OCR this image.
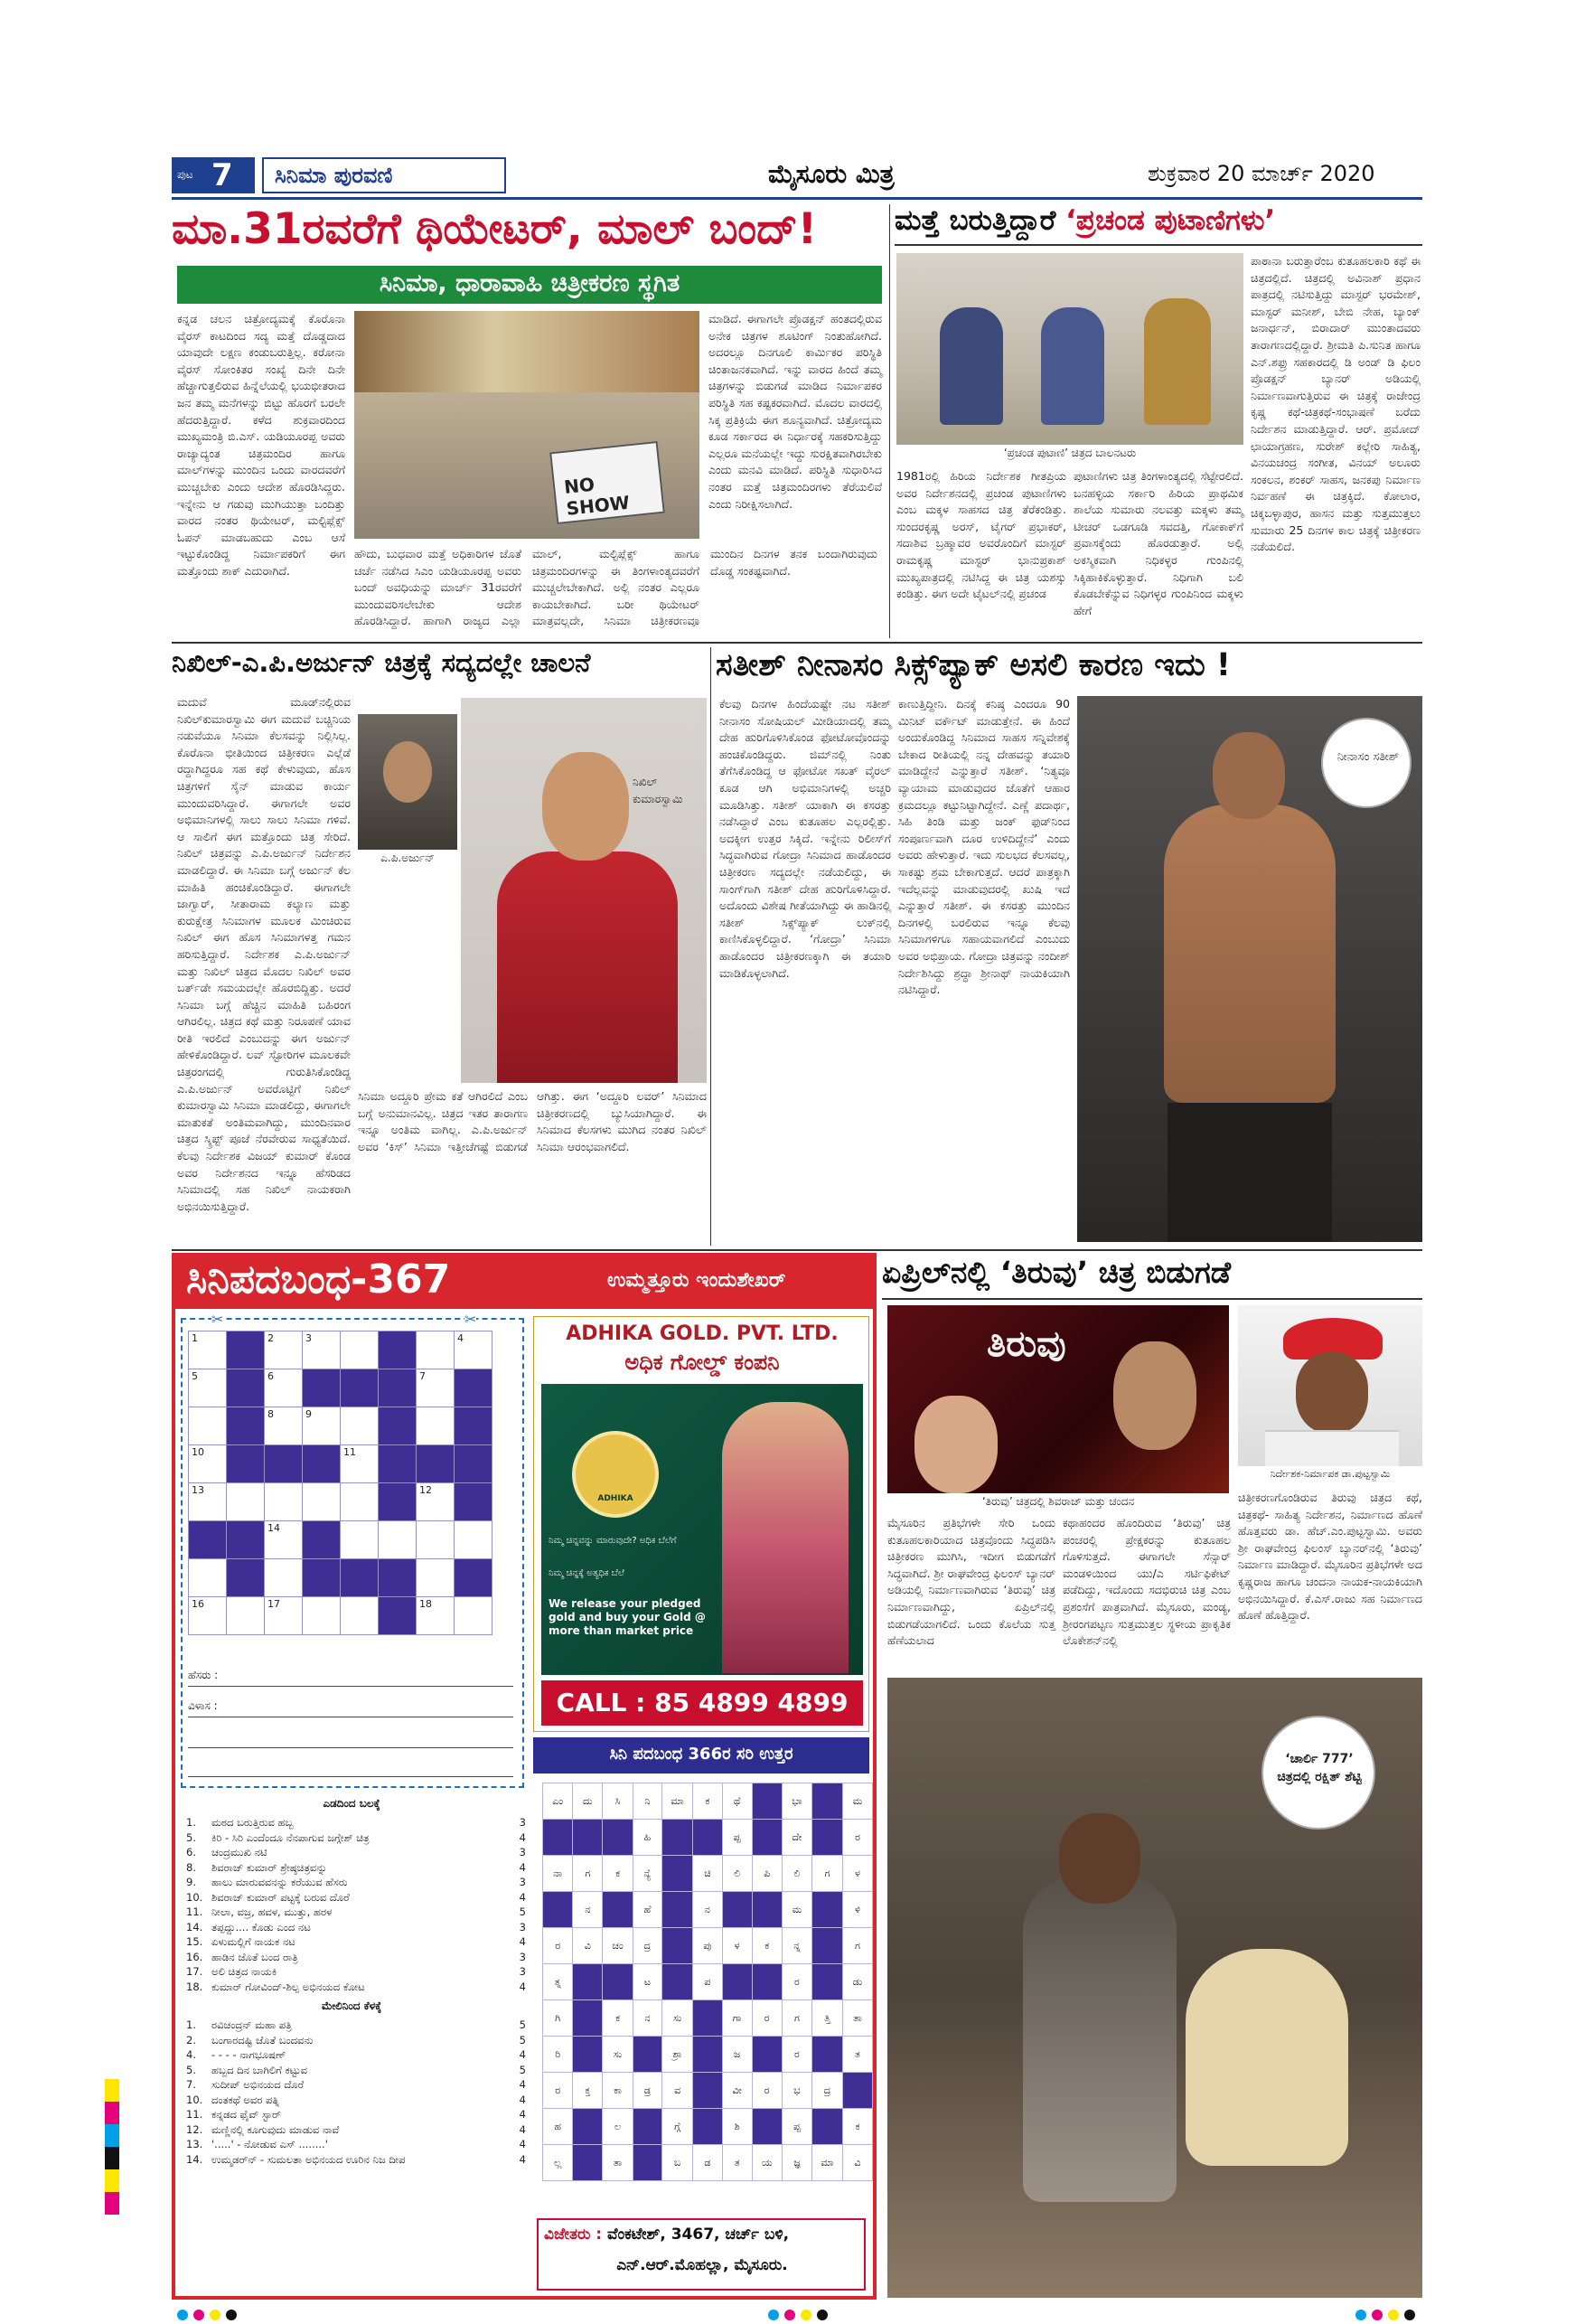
ಪುಟ 7 ಸಿನಿಮಾ ಪುರವಣಿ	ಮೈಸೂರು ಮಿತ್ರ	ಶುಕ್ರವಾರ 20 ಮಾರ್ಚ್ 2020
ಮಾ.31ರವರೆಗೆ ಥಿಯೇಟರ್, ಮಾಲ್ ಬಂದ್!
ಸಿನಿಮಾ, ಧಾರಾವಾಹಿ ಚಿತ್ರೀಕರಣ ಸ್ಥಗಿತ
ಕನ್ನಡ ಚಲನ ಚಿತ್ರೋದ್ಯಮಕ್ಕೆ ಕೊರೊನಾ ವೈರಸ್ ಕಾಟದಿಂದ ಸದ್ಯ ಮತ್ತೆ ದೊಡ್ಡದಾದ ಯಾವುದೇ ಲಕ್ಷಣ ಕಂಡುಬರುತ್ತಿಲ್ಲ. ಕರೋನಾ ವೈರಸ್ ಸೋಂಕಿತರ ಸಂಖ್ಯೆ ದಿನೇ ದಿನೇ ಹೆಚ್ಚಾಗುತ್ತಲಿರುವ ಹಿನ್ನೆಲೆಯಲ್ಲಿ ಭಯಭೀತರಾದ ಜನ ತಮ್ಮ ಮನೆಗಳನ್ನು ಬಿಟ್ಟು ಹೊರಗೆ ಬರಲೇ ಹೆದರುತ್ತಿದ್ದಾರೆ. ಕಳೆದ ಶುಕ್ರವಾರದಿಂದ ಮುಖ್ಯಮಂತ್ರಿ ಬಿ.ಎಸ್. ಯಡಿಯೂರಪ್ಪ ಅವರು ರಾಜ್ಯಾದ್ಯಂತ ಚಿತ್ರಮಂದಿರ ಹಾಗೂ ಮಾಲ್‌ಗಳನ್ನು ಮುಂದಿನ ಒಂದು ವಾರದವರೆಗೆ ಮುಚ್ಚಬೇಕು ಎಂದು ಆದೇಶ ಹೊರಡಿಸಿದ್ದರು. ಇನ್ನೇನು ಆ ಗಡುವು ಮುಗಿಯುತ್ತಾ ಬಂದಿತ್ತು ವಾರದ ನಂತರ ಥಿಯೇಟರ್, ಮಲ್ಟಿಪ್ಲೆಕ್ಸ್ ಓಪನ್ ಮಾಡಬಹುದು ಎಂಬ ಆಸೆ ಇಟ್ಟುಕೊಂಡಿದ್ದ ನಿರ್ಮಾಪಕರಿಗೆ ಈಗ ಮತ್ತೊಂದು ಶಾಕ್ ಎದುರಾಗಿದೆ.
NO SHOW
ಹೌದು, ಬುಧವಾರ ಮತ್ತೆ ಅಧಿಕಾರಿಗಳ ಜೊತೆ ಚರ್ಚೆ ನಡೆಸಿದ ಸಿಎಂ ಯಡಿಯೂರಪ್ಪ ಅವರು ಬಂದ್ ಅವಧಿಯನ್ನು ಮಾರ್ಚ್ 31ರವರೆಗೆ ಮುಂದುವರಿಸಲೇಬೇಕು ಆದೇಶ ಹೊರಡಿಸಿದ್ದಾರೆ. ಹಾಗಾಗಿ ರಾಜ್ಯದ ಎಲ್ಲಾ ಮಾಲ್, ಮಲ್ಟಿಪ್ಲೆಕ್ಸ್ ಹಾಗೂ ಚಿತ್ರಮಂದಿರಗಳನ್ನು ಈ ತಿಂಗಳಾಂತ್ಯದವರೆಗೆ ಮುಚ್ಚಲೇಬೇಕಾಗಿದೆ. ಅಲ್ಲಿ ನಂತರ ಎಲ್ಲರೂ ಕಾಯಬೇಕಾಗಿದೆ. ಬರೀ ಥಿಯೇಟರ್ ಮಾತ್ರವಲ್ಲದೇ, ಸಿನಿಮಾ ಚಿತ್ರೀಕರಣವೂ ಮುಂದಿನ ದಿನಗಳ ತನಕ ಬಂದಾಗಿರುವುದು ದೊಡ್ಡ ಸಂಕಷ್ಟವಾಗಿದೆ.
ಮಾಡಿದೆ. ಈಗಾಗಲೇ ಪ್ರೊಡಕ್ಷನ್ ಹಂತದಲ್ಲಿರುವ ಅನೇಕ ಚಿತ್ರಗಳ ಶೂಟಿಂಗ್ ನಿಂತುಹೋಗಿದೆ. ಅದರಲ್ಲೂ ದಿನಗೂಲಿ ಕಾರ್ಮಿಕರ ಪರಿಸ್ಥಿತಿ ಚಿಂತಾಜನಕವಾಗಿದೆ. ಇನ್ನು ವಾರದ ಹಿಂದೆ ತಮ್ಮ ಚಿತ್ರಗಳನ್ನು ಬಿಡುಗಡೆ ಮಾಡಿದ ನಿರ್ಮಾಪಕರ ಪರಿಸ್ಥಿತಿ ಸಹ ಕಷ್ಟಕರವಾಗಿದೆ. ಮೊದಲ ವಾರದಲ್ಲಿ ಸಿಕ್ಕ ಪ್ರತಿಕ್ರಿಯೆ ಈಗ ಶೂನ್ಯವಾಗಿದೆ. ಚಿತ್ರೋದ್ಯಮ ಕೂಡ ಸರ್ಕಾರದ ಈ ನಿರ್ಧಾರಕ್ಕೆ ಸಹಕರಿಸುತ್ತಿದ್ದು ಎಲ್ಲರೂ ಮನೆಯಲ್ಲೇ ಇದ್ದು ಸುರಕ್ಷಿತವಾಗಿರಬೇಕು ಎಂದು ಮನವಿ ಮಾಡಿದೆ. ಪರಿಸ್ಥಿತಿ ಸುಧಾರಿಸಿದ ನಂತರ ಮತ್ತೆ ಚಿತ್ರಮಂದಿರಗಳು ತೆರೆಯಲಿವೆ ಎಂದು ನಿರೀಕ್ಷಿಸಲಾಗಿದೆ.
ಮತ್ತೆ ಬರುತ್ತಿದ್ದಾರೆ ‘ಪ್ರಚಂಡ ಪುಟಾಣಿಗಳು’
‘ಪ್ರಚಂಡ ಪುಟಾಣಿ’ ಚಿತ್ರದ ಬಾಲನಟರು
ಪಾಠಾನಾ ಬರುತ್ತಾರೆಂಬ ಕುತೂಹಲಕಾರಿ ಕಥೆ ಈ ಚಿತ್ರದಲ್ಲಿದೆ. ಚಿತ್ರದಲ್ಲಿ ಅವಿನಾಶ್ ಪ್ರಧಾನ ಪಾತ್ರದಲ್ಲಿ ನಟಿಸುತ್ತಿದ್ದು ಮಾಸ್ಟರ್ ಭರಮೇಶ್, ಮಾಸ್ಟರ್ ಮನೀಶ್, ಬೇಬಿ ನೇಹ, ಬ್ಯಾಂಕ್ ಜನಾರ್ಧನ್, ಬಿರಾದಾರ್ ಮುಂತಾದವರು ತಾರಾಗಣದಲ್ಲಿದ್ದಾರೆ. ಶ್ರೀಮತಿ ಪಿ.ಸುನಿತ ಹಾಗೂ ಎನ್.ಶಫ್ರು ಸಹಕಾರದಲ್ಲಿ ಡಿ ಅಂಡ್ ಡಿ ಫಿಲಂ ಪ್ರೊಡಕ್ಷನ್ ಬ್ಯಾನರ್ ಅಡಿಯಲ್ಲಿ ನಿರ್ಮಾಣವಾಗುತ್ತಿರುವ ಈ ಚಿತ್ರಕ್ಕೆ ರಾಜೇಂದ್ರ ಕೃಷ್ಣ ಕಥೆ-ಚಿತ್ರಕಥೆ-ಸಂಭಾಷಣೆ ಬರೆದು ನಿರ್ದೇಶನ ಮಾಡುತ್ತಿದ್ದಾರೆ. ಆರ್. ಪ್ರಮೋದ್ ಛಾಯಾಗ್ರಹಣ, ಸುರೇಶ್ ಕಲ್ಲೇರಿ ಸಾಹಿತ್ಯ, ವಿನಯಚಂದ್ರ ಸಂಗೀತ, ವಿನಯ್ ಅಲೂರು ಸಂಕಲನ, ಶಂಕರ್ ಸಾಹಸ, ಜನಕಪು ನಿರ್ಮಾಣ ನಿರ್ವಹಣೆ ಈ ಚಿತ್ರಕ್ಕಿದೆ. ಕೋಲಾರ, ಚಿಕ್ಕಬಳ್ಳಾಪುರ, ಹಾಸನ ಮತ್ತು ಸುತ್ತಮುತ್ತಲು ಸುಮಾರು 25 ದಿನಗಳ ಕಾಲ ಚಿತ್ರಕ್ಕೆ ಚಿತ್ರೀಕರಣ ನಡೆಯಲಿದೆ.
1981ರಲ್ಲಿ ಹಿರಿಯ ನಿರ್ದೇಶಕ ಗೀತಪ್ರಿಯ ಅವರ ನಿರ್ದೇಶನದಲ್ಲಿ ಪ್ರಚಂಡ ಪುಟಾಣಿಗಳು ಎಂಬ ಮಕ್ಕಳ ಸಾಹಸದ ಚಿತ್ರ ತೆರೆಕಂಡಿತ್ತು. ಸುಂದರಕೃಷ್ಣ ಅರಸ್, ಟೈಗರ್ ಪ್ರಭಾಕರ್, ಸದಾಶಿವ ಬ್ರಹ್ಮಾವರ ಅವರೊಂದಿಗೆ ಮಾಸ್ಟರ್ ರಾಮಕೃಷ್ಣ ಮಾಸ್ಟರ್ ಭಾನುಪ್ರಕಾಶ್ ಮುಖ್ಯಪಾತ್ರದಲ್ಲಿ ನಟಿಸಿದ್ದ ಈ ಚಿತ್ರ ಯಶಸ್ಸು ಕಂಡಿತ್ತು. ಈಗ ಅದೇ ಟೈಟಲ್‌ನಲ್ಲಿ ಪ್ರಚಂಡ
ಪುಟಾಣಿಗಳು ಚಿತ್ರ ತಿಂಗಳಾಂತ್ಯದಲ್ಲಿ ಸೆಟ್ಟೇರಲಿದೆ. ಬನಹಳ್ಳಿಯ ಸರ್ಕಾರಿ ಹಿರಿಯ ಪ್ರಾಥಮಿಕ ಶಾಲೆಯ ಸುಮಾರು ನಲವತ್ತು ಮಕ್ಕಳು ತಮ್ಮ ಟೀಚರ್ ಒಡಗೂಡಿ ಸವದತ್ತಿ, ಗೋಕಾಕ್‌ಗೆ ಪ್ರವಾಸಕ್ಕೆಂದು ಹೊರಡುತ್ತಾರೆ. ಅಲ್ಲಿ ಅಕಸ್ಮಿಕವಾಗಿ ನಿಧಿಕಳ್ಳರ ಗುಂಪಿನಲ್ಲಿ ಸಿಕ್ಕಿಹಾಕಿಕೊಳ್ಳುತ್ತಾರೆ. ನಿಧಿಗಾಗಿ ಬಲಿ ಕೊಡಬೇಕೆನ್ನುವ ನಿಧಿಗಳ್ಳರ ಗುಂಪಿನಿಂದ ಮಕ್ಕಳು ಹೇಗೆ
ನಿಖಿಲ್-ಎ.ಪಿ.ಅರ್ಜುನ್ ಚಿತ್ರಕ್ಕೆ ಸದ್ಯದಲ್ಲೇ ಚಾಲನೆ
ಮದುವೆ ಮೂಡ್‌ನಲ್ಲಿರುವ ನಿಖಿಲ್‌ಕುಮಾರಸ್ವಾಮಿ ಈಗ ಮದುವೆ ಬಚ್ಚಿನಿಯ ನಡುವೆಯೂ ಸಿನಿಮಾ ಕೆಲಸವನ್ನು ನಿಲ್ಲಿಸಿಲ್ಲ. ಕೊರೊನಾ ಭೀತಿಯಿಂದ ಚಿತ್ರೀಕರಣ ಎಲ್ಲೆಡೆ ರದ್ದಾಗಿದ್ದರೂ ಸಹ ಕಥೆ ಕೇಳುವುದು, ಹೊಸ ಚಿತ್ರಗಳಿಗೆ ಸೈನ್ ಮಾಡುವ ಕಾರ್ಯ ಮುಂದುವರಿಸಿದ್ದಾರೆ. ಈಗಾಗಲೇ ಅವರ ಅಭಿಮಾನಿಗಳಲ್ಲಿ ಸಾಲು ಸಾಲು ಸಿನಿಮಾ ಗಳಿವೆ. ಆ ಸಾಲಿಗೆ ಈಗ ಮತ್ತೊಂದು ಚಿತ್ರ ಸೇರಿದೆ. ನಿಖಿಲ್ ಚಿತ್ರವನ್ನು ಎ.ಪಿ.ಅರ್ಜುನ್ ನಿರ್ದೇಶನ ಮಾಡಲಿದ್ದಾರೆ. ಈ ಸಿನಿಮಾ ಬಗ್ಗೆ ಅರ್ಜುನ್ ಕೆಲ ಮಾಹಿತಿ ಹಂಚಿಕೊಂಡಿದ್ದಾರೆ. ಈಗಾಗಲೇ ಜಾಗ್ವಾರ್, ಸೀತಾರಾಮ ಕಲ್ಯಾಣ ಮತ್ತು ಕುರುಕ್ಷೇತ್ರ ಸಿನಿಮಾಗಳ ಮೂಲಕ ಮಿಂಚಿರುವ ನಿಖಿಲ್ ಈಗ ಹೊಸ ಸಿನಿಮಾಗಳತ್ತ ಗಮನ ಹರಿಸುತ್ತಿದ್ದಾರೆ. ನಿರ್ದೇಶಕ ಎ.ಪಿ.ಅರ್ಜುನ್ ಮತ್ತು ನಿಖಿಲ್ ಚಿತ್ರದ ಮೊದಲ ನಿಖಿಲ್ ಅವರ ಬರ್ತ್‌ಡೇ ಸಮಯದಲ್ಲೇ ಹೊರಬಿದ್ದಿತ್ತು. ಅದರೆ ಸಿನಿಮಾ ಬಗ್ಗೆ ಹೆಚ್ಚಿನ ಮಾಹಿತಿ ಬಹಿರಂಗ ಆಗಿರಲಿಲ್ಲ. ಚಿತ್ರದ ಕಥೆ ಮತ್ತು ನಿರೂಪಣೆ ಯಾವ ರೀತಿ ಇರಲಿದೆ ಎಂಬುದನ್ನು ಈಗ ಅರ್ಜುನ್ ಹೇಳಿಕೊಂಡಿದ್ದಾರೆ. ಲವ್ ಸ್ಟೋರಿಗಳ ಮೂಲಕವೇ ಚಿತ್ರರಂಗದಲ್ಲಿ ಗುರುತಿಸಿಕೊಂಡಿದ್ದ ಎ.ಪಿ.ಅರ್ಜುನ್ ಅವರೊಟ್ಟಿಗೆ ನಿಖಿಲ್ ಕುಮಾರಸ್ವಾಮಿ ಸಿನಿಮಾ ಮಾಡಲಿದ್ದು, ಈಗಾಗಲೇ ಮಾತುಕತೆ ಅಂತಿಮವಾಗಿದ್ದು, ಮುಂದಿನವಾರ ಚಿತ್ರದ ಸ್ಕ್ರಿಪ್ಟ್ ಪೂಜೆ ನೆರವೇರುವ ಸಾಧ್ಯತೆಯಿದೆ. ಕೆಲವು ನಿರ್ದೇಶಕ ವಿಜಯ್ ಕುಮಾರ್ ಕೊಂಡ ಅವರ ನಿರ್ದೇಶನದ ಇನ್ನೂ ಹೆಸರಿಡದ ಸಿನಿಮಾದಲ್ಲಿ ಸಹ ನಿಖಿಲ್ ನಾಯಕರಾಗಿ ಅಭಿನಯಿಸುತ್ತಿದ್ದಾರೆ.
ಎ.ಪಿ.ಅರ್ಜುನ್
ನಿಖಿಲ್ ಕುಮಾರಸ್ವಾಮಿ
ಸಿನಿಮಾ ಅದ್ದೂರಿ ಪ್ರೇಮ ಕತೆ ಆಗಿರಲಿದೆ ಎಂಬ ಬಗ್ಗೆ ಅನುಮಾನವಿಲ್ಲ. ಚಿತ್ರದ ಇತರ ತಾರಾಗಣ ಇನ್ನೂ ಅಂತಿಮ ವಾಗಿಲ್ಲ. ಎ.ಪಿ.ಅರ್ಜುನ್ ಅವರ ‘ಕಿಸ್’ ಸಿನಿಮಾ ಇತ್ತೀಚೆಗಷ್ಟೆ ಬಿಡುಗಡೆ ಆಗಿತ್ತು. ಈಗ ‘ಅದ್ದೂರಿ ಲವರ್’ ಸಿನಿಮಾದ ಚಿತ್ರೀಕರಣದಲ್ಲಿ ಬ್ಯುಸಿಯಾಗಿದ್ದಾರೆ. ಈ ಸಿನಿಮಾದ ಕೆಲಸಗಳು ಮುಗಿದ ನಂತರ ನಿಖಿಲ್ ಸಿನಿಮಾ ಆರಂಭವಾಗಲಿದೆ.
ಸತೀಶ್ ನೀನಾಸಂ ಸಿಕ್ಸ್‌ಪ್ಯಾಕ್ ಅಸಲಿ ಕಾರಣ ಇದು !
ಕೆಲವು ದಿನಗಳ ಹಿಂದೆಯಷ್ಟೇ ನಟ ಸತೀಶ್ ನೀನಾಸಂ ಸೋಷಿಯಲ್ ಮೀಡಿಯಾದಲ್ಲಿ ತಮ್ಮ ದೇಹ ಹುರಿಗೊಳಿಸಿಕೊಂಡ ಫೋಟೋವೊಂದನ್ನು ಹಂಚಿಕೊಂಡಿದ್ದರು. ಜಿಮ್‌ನಲ್ಲಿ ನಿಂತು ತೆಗೆಸಿಕೊಂಡಿದ್ದ ಆ ಫೋಟೋ ಸಖತ್ ವೈರಲ್ ಕೂಡ ಆಗಿ ಅಭಿಮಾನಿಗಳಲ್ಲಿ ಅಚ್ಚರಿ ಮೂಡಿಸಿತ್ತು. ಸತೀಶ್ ಯಾಕಾಗಿ ಈ ಕಸರತ್ತು ನಡೆಸಿದ್ದಾರೆ ಎಂಬ ಕುತೂಹಲ ಎಲ್ಲರಲ್ಲಿತ್ತು. ಅದಕ್ಕೀಗ ಉತ್ತರ ಸಿಕ್ಕಿದೆ. ಇನ್ನೇನು ರಿಲೀಸ್‌ಗೆ ಸಿದ್ಧವಾಗಿರುವ ಗೋದ್ರಾ ಸಿನಿಮಾದ ಹಾಡೊಂದರ ಚಿತ್ರೀಕರಣ ಸದ್ಯದಲ್ಲೇ ನಡೆಯಲಿದ್ದು, ಈ ಸಾಂಗ್‌ಗಾಗಿ ಸತೀಶ್ ದೇಹ ಹುರಿಗೊಳಿಸಿದ್ದಾರೆ. ಅದೊಂದು ವಿಶೇಷ ಗೀತೆಯಾಗಿದ್ದು ಈ ಹಾಡಿನಲ್ಲಿ ಸತೀಶ್ ಸಿಕ್ಸ್‌ಪ್ಯಾಕ್ ಲುಕ್‌ನಲ್ಲಿ ಕಾಣಿಸಿಕೊಳ್ಳಲಿದ್ದಾರೆ. ‘ಗೋದ್ರಾ’ ಸಿನಿಮಾ ಹಾಡೊಂದರ ಚಿತ್ರೀಕರಣಕ್ಕಾಗಿ ಈ ತಯಾರಿ ಮಾಡಿಕೊಳ್ಳಲಾಗಿದೆ.
ಕಾಣುತ್ತಿದ್ದೀನಿ. ದಿನಕ್ಕೆ ಕನಿಷ್ಠ ಎಂದರೂ 90 ಮಿನಿಟ್ ವರ್ಕೌಟ್ ಮಾಡುತ್ತೇನೆ. ಈ ಹಿಂದೆ ಅಂದುಕೊಂಡಿದ್ದ ಸಿನಿಮಾದ ಸಾಹಸ ಸನ್ನಿವೇಶಕ್ಕೆ ಬೇಕಾದ ರೀತಿಯಲ್ಲಿ ನನ್ನ ದೇಹವನ್ನು ತಯಾರಿ ಮಾಡಿದ್ದೇನೆ ಎನ್ನುತ್ತಾರೆ ಸತೀಶ್. ‘ನಿತ್ಯವೂ ವ್ಯಾಯಾಮ ಮಾಡುವುದರ ಜೊತೆಗೆ ಆಹಾರ ಕ್ರಮದಲ್ಲೂ ಕಟ್ಟುನಿಟ್ಟಾಗಿದ್ದೇನೆ. ಎಣ್ಣೆ ಪದಾರ್ಥ, ಸಿಹಿ ತಿಂಡಿ ಮತ್ತು ಜಂಕ್ ಫುಡ್‌ನಿಂದ ಸಂಪೂರ್ಣವಾಗಿ ದೂರ ಉಳಿದಿದ್ದೇನೆ’ ಎಂದು ಅವರು ಹೇಳುತ್ತಾರೆ. ಇದು ಸುಲಭದ ಕೆಲಸವಲ್ಲ, ಸಾಕಷ್ಟು ಶ್ರಮ ಬೇಕಾಗುತ್ತದೆ. ಆದರೆ ಪಾತ್ರಕ್ಕಾಗಿ ಇದೆಲ್ಲವನ್ನು ಮಾಡುವುದರಲ್ಲಿ ಖುಷಿ ಇದೆ ಎನ್ನುತ್ತಾರೆ ಸತೀಶ್. ಈ ಕಸರತ್ತು ಮುಂದಿನ ದಿನಗಳಲ್ಲಿ ಬರಲಿರುವ ಇನ್ನೂ ಕೆಲವು ಸಿನಿಮಾಗಳಿಗೂ ಸಹಾಯವಾಗಲಿದೆ ಎಂಬುದು ಅವರ ಅಭಿಪ್ರಾಯ. ಗೋದ್ರಾ ಚಿತ್ರವನ್ನು ನಂದೀಶ್ ನಿರ್ದೇಶಿಸಿದ್ದು ಶ್ರದ್ಧಾ ಶ್ರೀನಾಥ್ ನಾಯಕಿಯಾಗಿ ನಟಿಸಿದ್ದಾರೆ.
ನೀನಾಸಂ ಸತೀಶ್
ಸಿನಿಪದಬಂಧ-367	ಉಮ್ಮತ್ತೂರು ಇಂದುಶೇಖರ್
✂	✂
1		2	3				4
5		6				7	
		8	9				
10				11			
13						12	
		14					

16		17				18	
ಹೆಸರು :
ವಿಳಾಸ :
ಎಡದಿಂದ ಬಲಕ್ಕೆ
1. ಮಠದ ಬರುತ್ತಿರುವ ಹಬ್ಬ	3
5. ಕಿರಿ - ಸಿರಿ ಎಂದೆಂದೂ ನೆನಪಾಗುವ ಜಗ್ಗೇಶ್ ಚಿತ್ರ	4
6. ಚಂದ್ರಮುಖಿ ನಟಿ	3
8. ಶಿವರಾಜ್ ಕುಮಾರ್ ಶ್ರೇಷ್ಠಚಿತ್ರವನ್ನು	4
9. ಹಾಲು ಮಾರುವವನನ್ನು ಕರೆಯುವ ಹೆಸರು	3
10. ಶಿವರಾಜ್ ಕುಮಾರ್ ಪಟ್ಟಕ್ಕೆ ಬರುವ ದೊರೆ	4
11. ನೀಲಾ, ವಜ್ರ, ಹವಳ, ಮುತ್ತು, ಹರಳ	5
14. ತಪ್ಪದ್ದು.... ಕೊಡು ಎಂದ ನಟ	3
15. ಏಳುಮಲ್ಲಿಗೆ ನಾಯಕ ನಟ	4
16. ಹಾಡಿನ ಜೊತೆ ಬಂದ ರಾತ್ರಿ	3
17. ಅಲಿ ಚಿತ್ರದ ನಾಯಕಿ	3
18. ಕುಮಾರ್ ಗೋವಿಂದ್-ಶಿಲ್ಪ ಅಭಿನಯದ ಕೋಟ	4
ಮೇಲಿನಿಂದ ಕೆಳಕ್ಕೆ
1. ರವಿಚಂದ್ರನ್ ಮಹಾ ಪತ್ರಿ	5
2. ಬಂಗಾರದಷ್ಟಿ ಜೊತೆ ಬಂದವನು	5
4. - - - - ನಾಗಭೂಷಣ್	4
5. ಹಬ್ಬದ ದಿನ ಬಾಗಿಲಿಗೆ ಕಟ್ಟುವ	5
7. ಸುದೀಪ್ ಅಭಿನಯದ ದೊರೆ	4
10. ದಂತಕಥೆ ಅವರ ಪತ್ನಿ	4
11. ಕನ್ನಡದ ಫೈವ್ ಸ್ಟಾರ್	4
12. ಮಣ್ಣಿನಲ್ಲಿ ಕೂಗುವುದು ಮಾಡುವ ನಾವೆ	4
13. '.....' - ನೋಡುವ ಎಸ್ ........'	4
14. ಉಮ್ಮಡರ್‌ನ್ - ಸುಮಲತಾ ಅಭಿನಯದ ಊರಿನ ನಿಜ ದೀಪ	4
ADHIKA GOLD. PVT. LTD.
ಅಧಿಕ ಗೋಲ್ಡ್ ಕಂಪನಿ
ADHIKA
ನಿಮ್ಮ ಚಿನ್ನವನ್ನು ಮಾರುವುದೇ? ಅಧಿಕ ಬೆಲೆಗೆ
ನಿಮ್ಮ ಚಿನ್ನಕ್ಕೆ ಅತ್ಯಧಿಕ ಬೆಲೆ
We release your pledged gold and buy your Gold @ more than market price
CALL : 85 4899 4899
ಸಿನಿ ಪದಬಂಧ 366ರ ಸರಿ ಉತ್ತರ
ಎಂ	ದು	ಸಿ	ನಿ	ಮಾ	ಕ	ಥೆ		ಭಾ		ಮ
			ಹಿ			ಪ್ಪ		ದೇ		ರ
ನಾ	ಗ	ಕ	ನ್ಯೆ		ಚಿ	ಲಿ	ಪಿ	ಲಿ	ಗ	ಳ
	ನ		ಹೆ		ನ			ಮ		ಳಿ
ರ	ವಿ	ಚಂ	ದ್ರ		ಪು	ಳ	ಕ	ನ್ನ		ಗ
ತ್ನ			ಟ		ಪ			ರ		ಡು
ಗಿ		ಕ	ನ	ಸು		ಗಾ	ರ	ಗ	ತ್ತಿ	ತಾ
ರಿ		ಸು		ಶ್ರಾ		ಜ		ರ		ತ
ರ	ಕ್ತ	ಕಾ	ಡ್ರ	ವ		ವೀ	ರ	ಭ	ದ್ರ	
ಹ		ಲ		ಗ್ಗೆ		ಶಿ		ಪ್ಪ		ಕ
ಲ್ಲ		ತಾ		ಬ	ಡ	ತ	ಯ	ಜ್ಞ	ಮಾ	ವಿ
ವಿಜೇತರು : ವೆಂಕಟೇಶ್, 3467, ಚರ್ಚ್ ಬಳಿ,
ಎನ್.ಆರ್.ಮೊಹಲ್ಲಾ, ಮೈಸೂರು.
ಏಪ್ರಿಲ್‌ನಲ್ಲಿ ‘ತಿರುವು’ ಚಿತ್ರ ಬಿಡುಗಡೆ
ತಿರುವು
‘ತಿರುವು’ ಚಿತ್ರದಲ್ಲಿ ಶಿವರಾಜ್ ಮತ್ತು ಚಂದನ
ನಿರ್ದೇಶಕ-ನಿರ್ಮಾಪಕ ಡಾ.ಪುಟ್ಟಸ್ವಾಮಿ
ಮೈಸೂರಿನ ಪ್ರತಿಭೆಗಳೇ ಸೇರಿ ಒಂದು ಕುತೂಹಲಕಾರಿಯಾದ ಚಿತ್ರವೊಂದು ಸಿದ್ಧಪಡಿಸಿ ಚಿತ್ರೀಕರಣ ಮುಗಿಸಿ, ಇದೀಗ ಬಿಡುಗಡೆಗೆ ಸಿದ್ಧವಾಗಿದೆ. ಶ್ರೀ ರಾಘವೇಂದ್ರ ಫಿಲಂಸ್ ಬ್ಯಾನರ್ ಅಡಿಯಲ್ಲಿ ನಿರ್ಮಾಣವಾಗಿರುವ ‘ತಿರುವು’ ಚಿತ್ರ ನಿರ್ಮಾಣವಾಗಿದ್ದು, ಏಪ್ರಿಲ್‌ನಲ್ಲಿ ಬಿಡುಗಡೆಯಾಗಲಿದೆ. ಒಂದು ಕೊಲೆಯ ಸುತ್ತ ಹೆಣೆಯಲಾದ
ಕಥಾಹಂದರ ಹೊಂದಿರುವ ‘ತಿರುವು’ ಚಿತ್ರ ಪಂಚರಲ್ಲಿ ಪ್ರೇಕ್ಷಕರನ್ನು ಕುತೂಹಲ ಗೊಳಿಸುತ್ತದೆ. ಈಗಾಗಲೇ ಸೆನ್ಸಾರ್ ಮಂಡಳಿಯಿಂದ ಯು/ಎ ಸರ್ಟಿಫಿಕೇಟ್ ಪಡೆದಿದ್ದು, ಇದೊಂದು ಸದಭಿರುಚಿ ಚಿತ್ರ ಎಂಬ ಪ್ರಶಂಸೆಗೆ ಪಾತ್ರವಾಗಿದೆ. ಮೈಸೂರು, ಮಂಡ್ಯ, ಶ್ರೀರಂಗಪಟ್ಟಣ ಸುತ್ತಮುತ್ತಲ ಸ್ಥಳೀಯ ಪ್ರಾಕೃತಿಕ ಲೊಕೇಶನ್‌ನಲ್ಲಿ
ಚಿತ್ರೀಕರಣಗೊಂಡಿರುವ ತಿರುವು ಚಿತ್ರದ ಕಥೆ, ಚಿತ್ರಕಥೆ- ಸಾಹಿತ್ಯ ನಿರ್ದೇಶನ, ನಿರ್ಮಾಣದ ಹೊಣೆ ಹೊತ್ತವರು ಡಾ. ಹೆಚ್.ಎಂ.ಪುಟ್ಟಸ್ವಾಮಿ. ಅವರು ಶ್ರೀ ರಾಘವೇಂದ್ರ ಫಿಲಂಸ್ ಬ್ಯಾನರ್‌ನಲ್ಲಿ ‘ತಿರುವು’ ನಿರ್ಮಾಣ ಮಾಡಿದ್ದಾರೆ. ಮೈಸೂರಿನ ಪ್ರತಿಭೆಗಳೇ ಅದ ಕೃಷ್ಣರಾಜ ಹಾಗೂ ಚಂದನಾ ನಾಯಕ-ನಾಯಕಿಯಾಗಿ ಅಭಿನಯಿಸಿದ್ದಾರೆ. ಕೆ.ಎಸ್.ರಾಜು ಸಹ ನಿರ್ಮಾಣದ ಹೊಣೆ ಹೊತ್ತಿದ್ದಾರೆ.
‘ಚಾರ್ಲಿ 777’ ಚಿತ್ರದಲ್ಲಿ ರಕ್ಷಿತ್ ಶೆಟ್ಟಿ
